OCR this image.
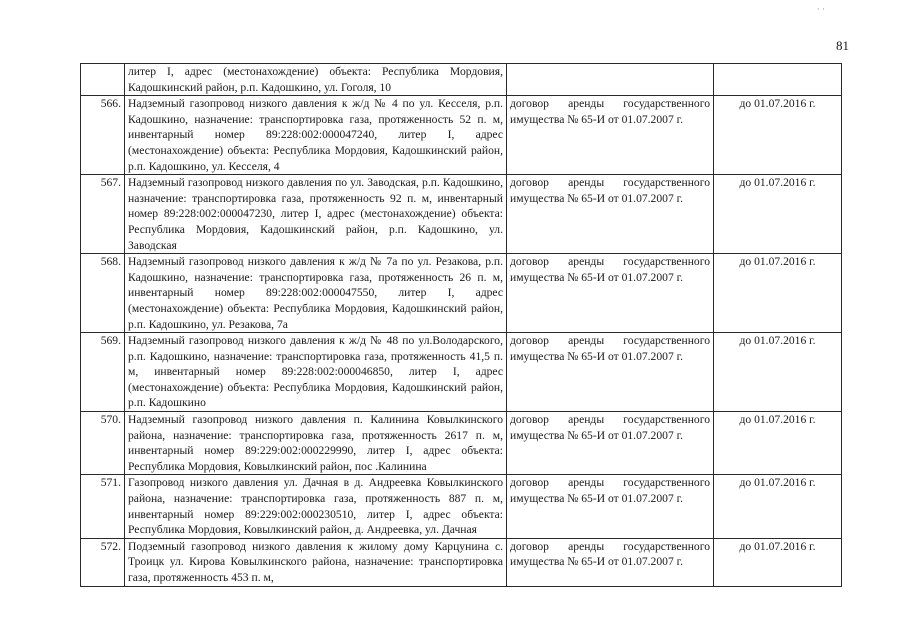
· ·
81
	литер I, адрес (местонахождение) объекта: Республика Мордовия, Кадошкинский район, р.п. Кадошкино, ул. Гоголя, 10		
566.	Надземный газопровод низкого давления к ж/д № 4 по ул. Кесселя, р.п. Кадошкино, назначение: транспортировка газа, протяженность 52 п. м, инвентарный номер 89:228:002:000047240, литер I, адрес (местонахождение) объекта: Республика Мордовия, Кадошкинский район, р.п. Кадошкино, ул. Кесселя, 4	договор аренды государственного имущества № 65-И от 01.07.2007 г.	до 01.07.2016 г.
567.	Надземный газопровод низкого давления по ул. Заводская, р.п. Кадошкино, назначение: транспортировка газа, протяженность 92 п. м, инвентарный номер 89:228:002:000047230, литер I, адрес (местонахождение) объекта: Республика Мордовия, Кадошкинский район, р.п. Кадошкино, ул. Заводская	договор аренды государственного имущества № 65-И от 01.07.2007 г.	до 01.07.2016 г.
568.	Надземный газопровод низкого давления к ж/д № 7а по ул. Резакова, р.п. Кадошкино, назначение: транспортировка газа, протяженность 26 п. м, инвентарный номер 89:228:002:000047550, литер I, адрес (местонахождение) объекта: Республика Мордовия, Кадошкинский район, р.п. Кадошкино, ул. Резакова, 7а	договор аренды государственного имущества № 65-И от 01.07.2007 г.	до 01.07.2016 г.
569.	Надземный газопровод низкого давления к ж/д № 48 по ул.Володарского, р.п. Кадошкино, назначение: транспортировка газа, протяженность 41,5 п. м, инвентарный номер 89:228:002:000046850, литер I, адрес (местонахождение) объекта: Республика Мордовия, Кадошкинский район, р.п. Кадошкино	договор аренды государственного имущества № 65-И от 01.07.2007 г.	до 01.07.2016 г.
570.	Надземный газопровод низкого давления п. Калинина Ковылкинского района, назначение: транспортировка газа, протяженность 2617 п. м, инвентарный номер 89:229:002:000229990, литер I, адрес объекта: Республика Мордовия, Ковылкинский район, пос .Калинина	договор аренды государственного имущества № 65-И от 01.07.2007 г.	до 01.07.2016 г.
571.	Газопровод низкого давления ул. Дачная в д. Андреевка Ковылкинского района, назначение: транспортировка газа, протяженность 887 п. м, инвентарный номер 89:229:002:000230510, литер I, адрес объекта: Республика Мордовия, Ковылкинский район, д. Андреевка, ул. Дачная	договор аренды государственного имущества № 65-И от 01.07.2007 г.	до 01.07.2016 г.
572.	Подземный газопровод низкого давления к жилому дому Карцунина с. Троицк ул. Кирова Ковылкинского района, назначение: транспортировка газа, протяженность 453 п. м,	договор аренды государственного имущества № 65-И от 01.07.2007 г.	до 01.07.2016 г.
